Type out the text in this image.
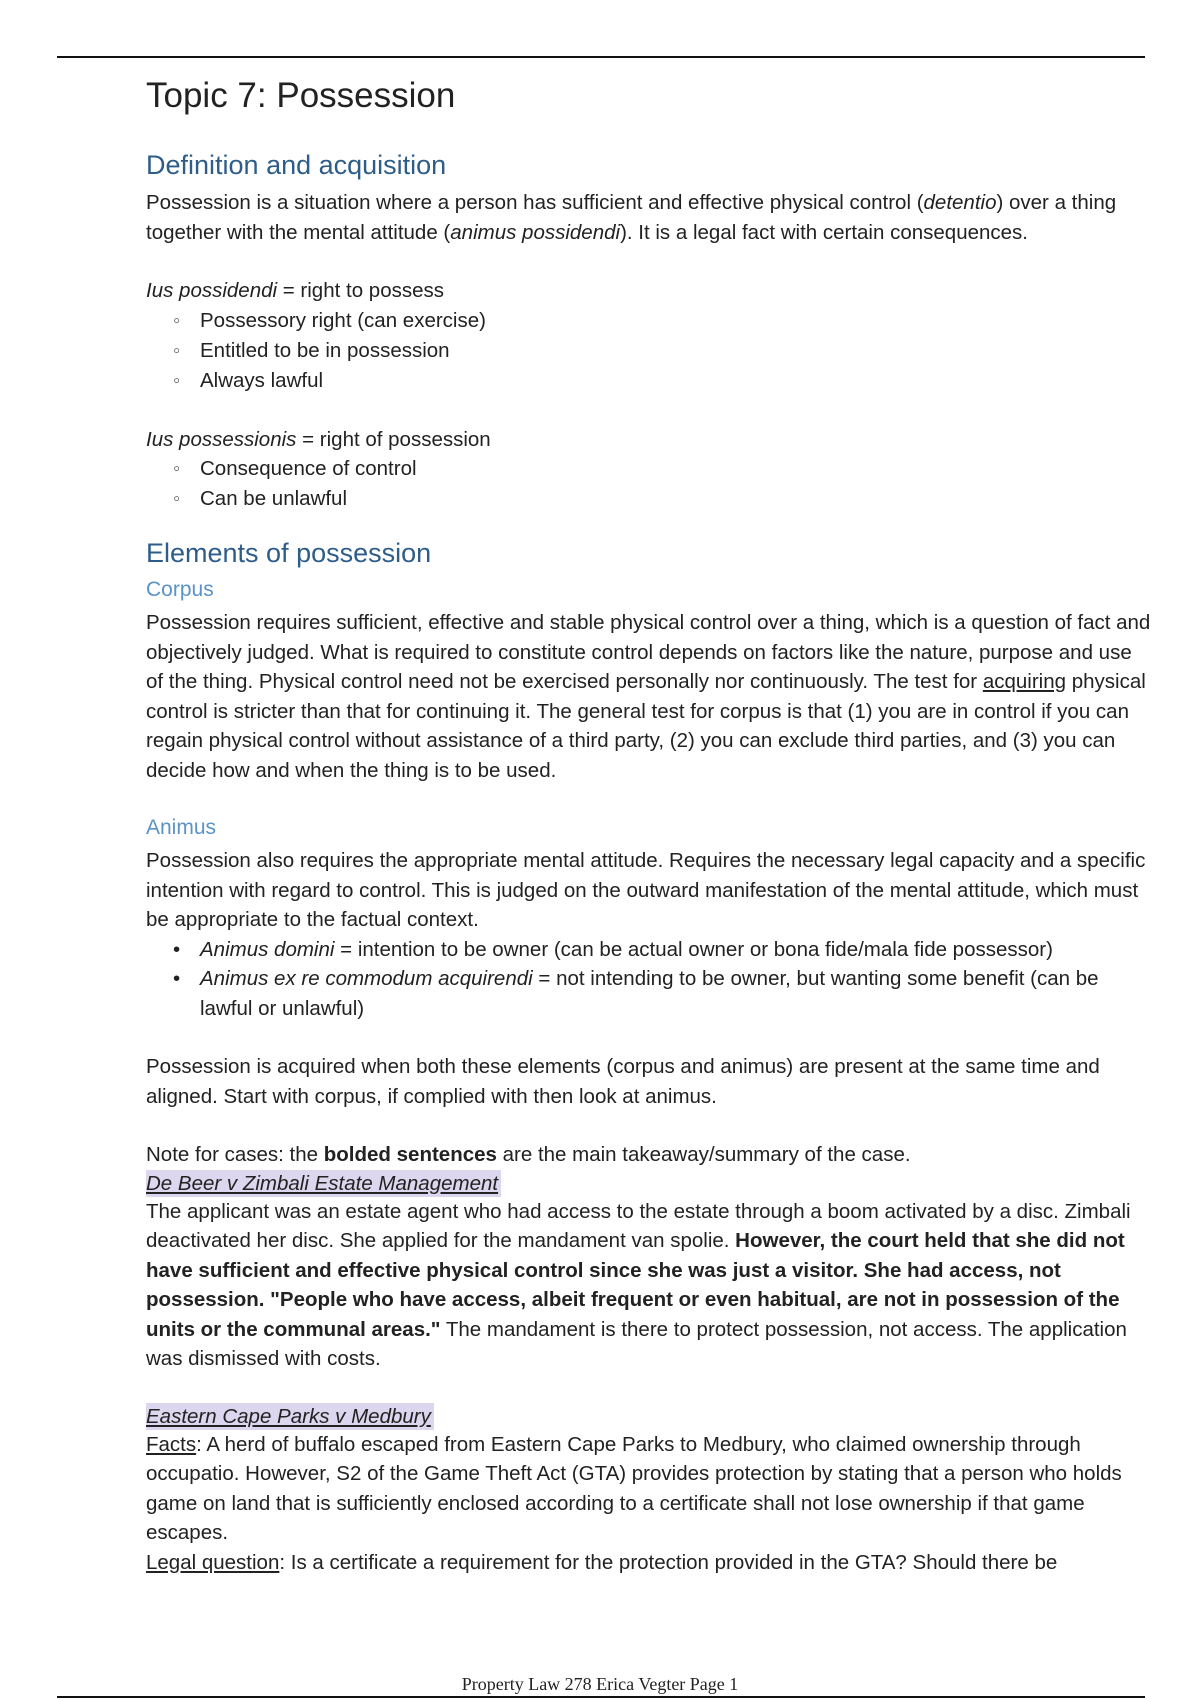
Topic 7: Possession
Definition and acquisition

Possession is a situation where a person has sufficient and effective physical control (detentio) over a thing together with the mental attitude (animus possidendi). It is a legal fact with certain consequences.

Ius possidendi = right to possess

◦ Possessory right (can exercise)
◦ Entitled to be in possession
◦ Always lawful

Ius possessionis = right of possession

◦ Consequence of control
◦ Can be unlawful
Elements of possession
Corpus

Possession requires sufficient, effective and stable physical control over a thing, which is a question of fact and objectively judged. What is required to constitute control depends on factors like the nature, purpose and use of the thing. Physical control need not be exercised personally nor continuously. The test for acquiring physical control is stricter than that for continuing it. The general test for corpus is that (1) you are in control if you can regain physical control without assistance of a third party, (2) you can exclude third parties, and (3) you can decide how and when the thing is to be used.

Animus

Possession also requires the appropriate mental attitude. Requires the necessary legal capacity and a specific intention with regard to control. This is judged on the outward manifestation of the mental attitude, which must be appropriate to the factual context.

• Animus domini = intention to be owner (can be actual owner or bona fide/mala fide possessor)
• Animus ex re commodum acquirendi = not intending to be owner, but wanting some benefit (can be lawful or unlawful)

Possession is acquired when both these elements (corpus and animus) are present at the same time and aligned. Start with corpus, if complied with then look at animus.

Note for cases: the bolded sentences are the main takeaway/summary of the case.

De Beer v Zimbali Estate Management

The applicant was an estate agent who had access to the estate through a boom activated by a disc. Zimbali deactivated her disc. She applied for the mandament van spolie. However, the court held that she did not have sufficient and effective physical control since she was just a visitor. She had access, not possession. "People who have access, albeit frequent or even habitual, are not in possession of the units or the communal areas." The mandament is there to protect possession, not access. The application was dismissed with costs.

Eastern Cape Parks v Medbury

Facts: A herd of buffalo escaped from Eastern Cape Parks to Medbury, who claimed ownership through occupatio. However, S2 of the Game Theft Act (GTA) provides protection by stating that a person who holds game on land that is sufficiently enclosed according to a certificate shall not lose ownership if that game escapes.

Legal question: Is a certificate a requirement for the protection provided in the GTA? Should there be

Property Law 278 Erica Vegter Page 1
